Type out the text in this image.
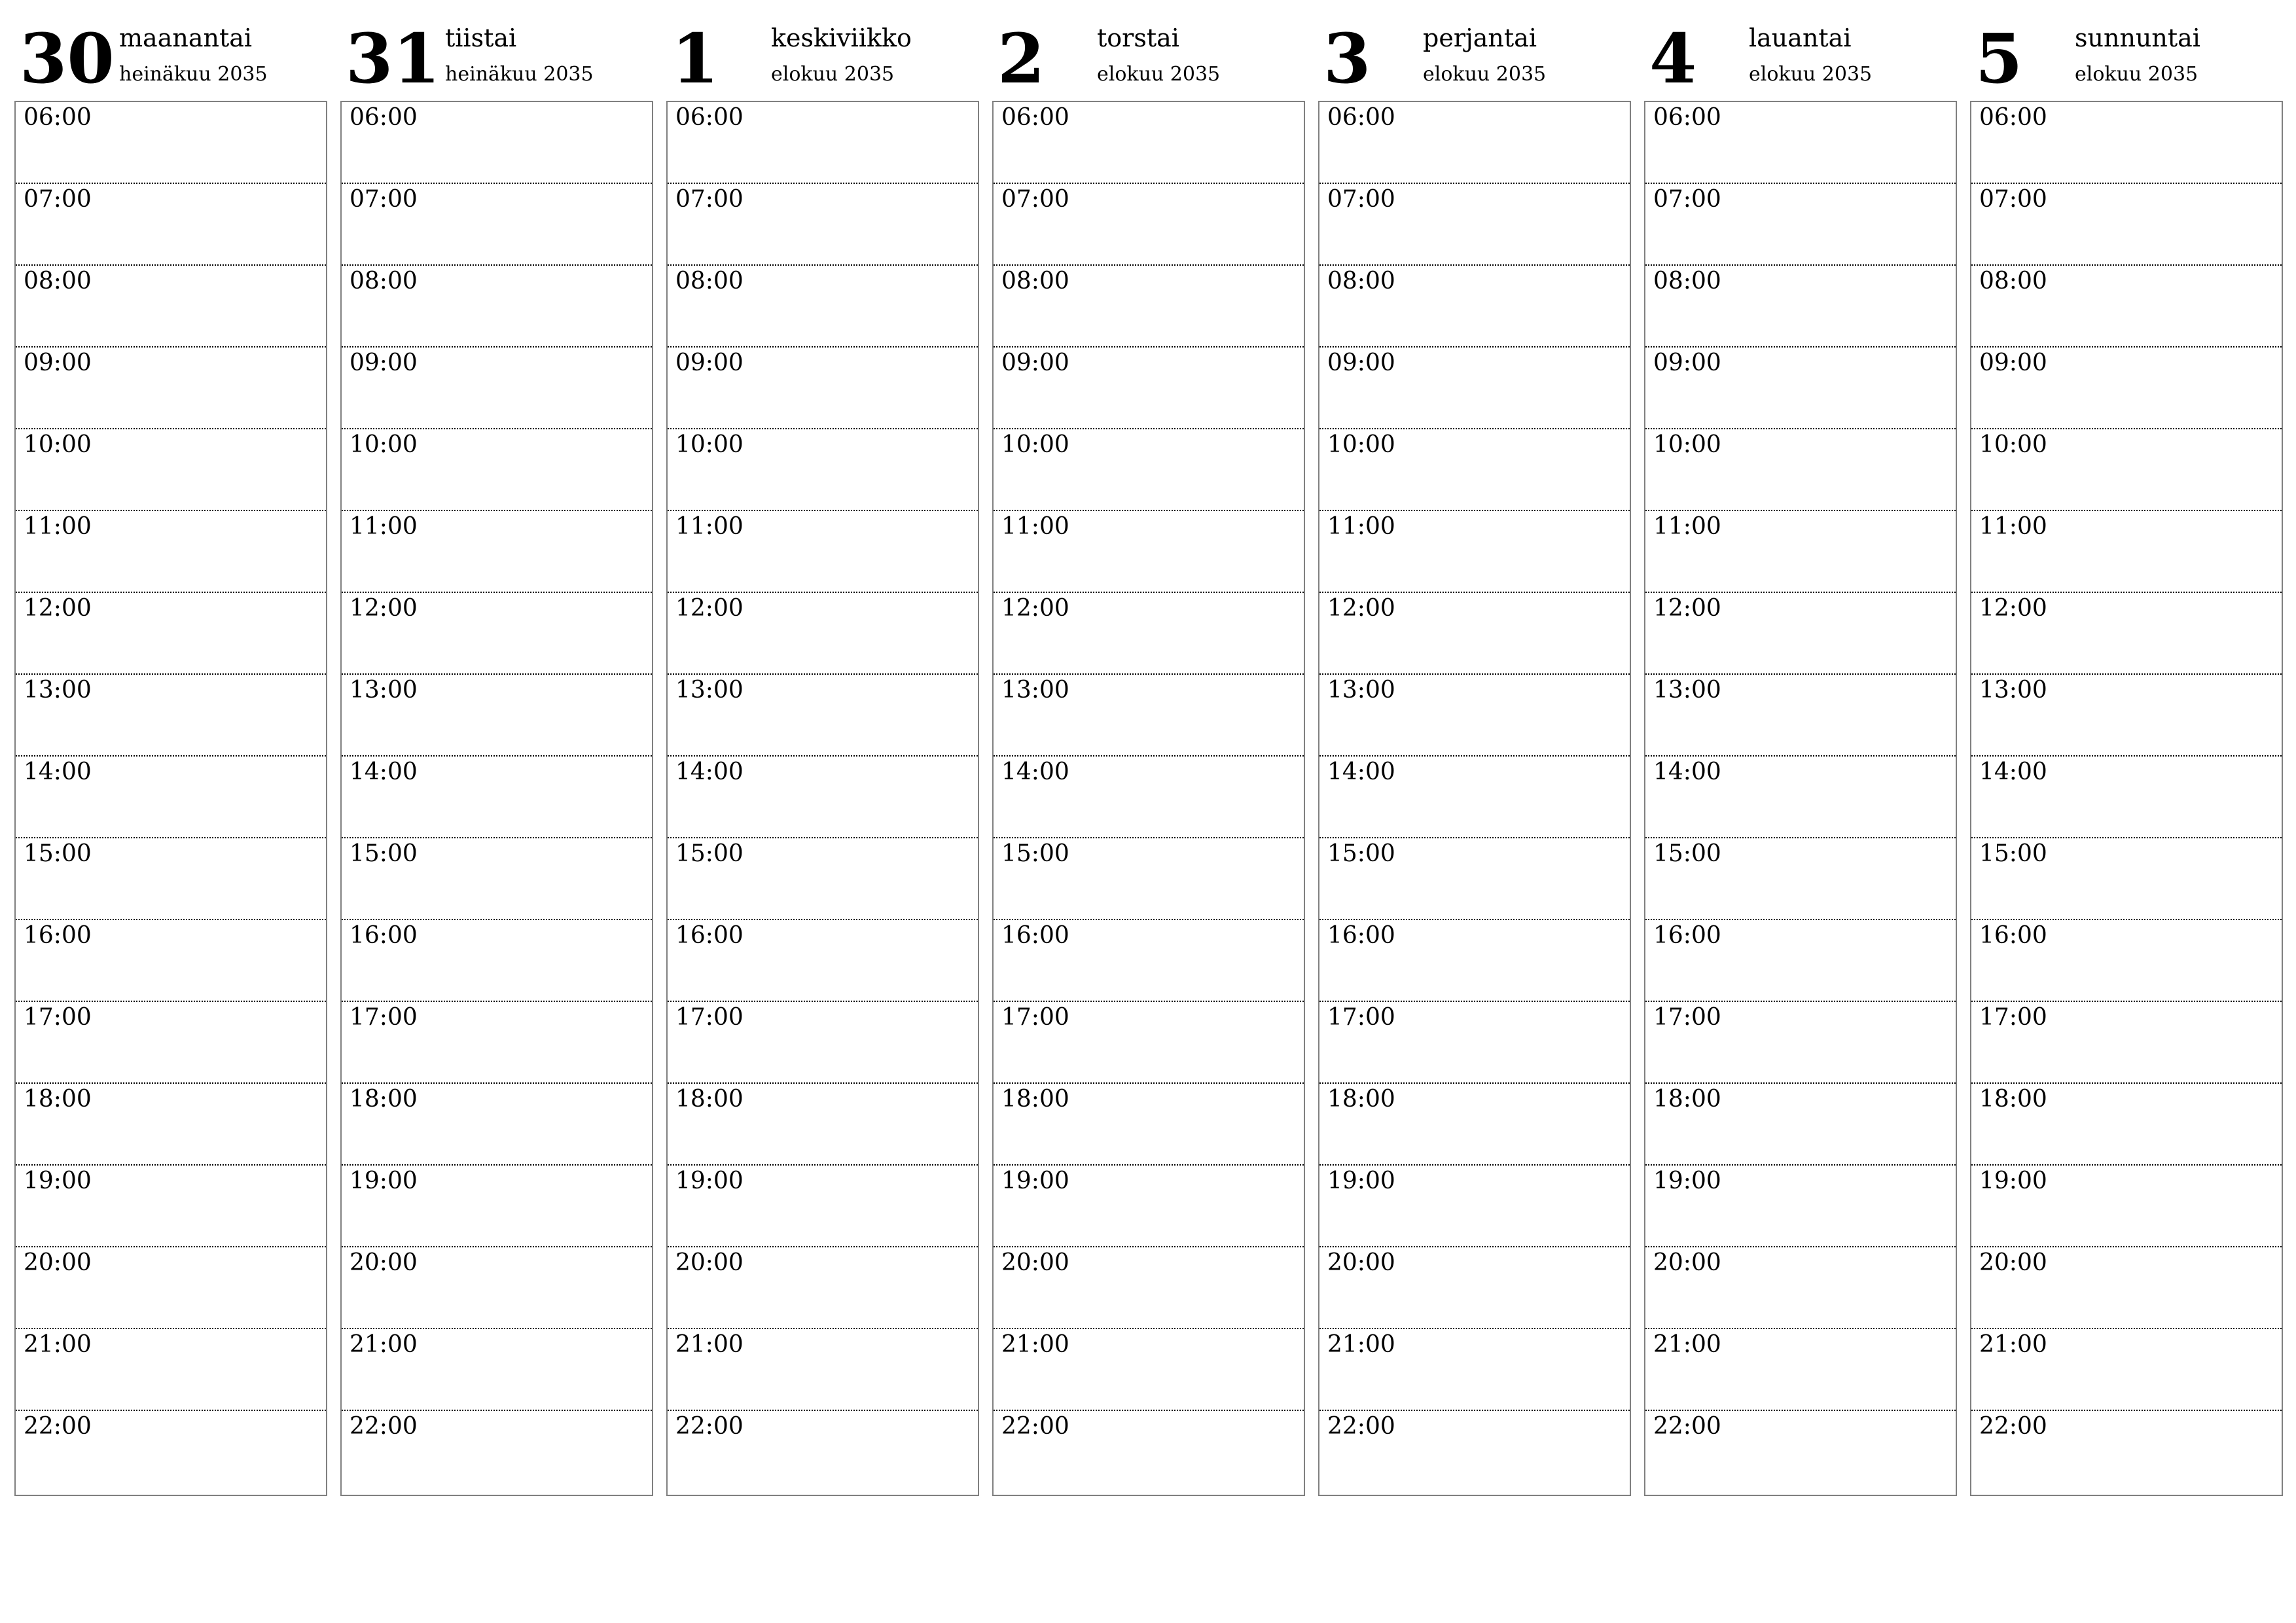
30 maanantai
heinäkuu 2035
06:00
07:00
08:00
09:00
10:00
11:00
12:00
13:00
14:00
15:00
16:00
17:00
18:00
19:00
20:00
21:00
22:00
31 tiistai
heinäkuu 2035
06:00
07:00
08:00
09:00
10:00
11:00
12:00
13:00
14:00
15:00
16:00
17:00
18:00
19:00
20:00
21:00
22:00
1 keskiviikko
elokuu 2035
06:00
07:00
08:00
09:00
10:00
11:00
12:00
13:00
14:00
15:00
16:00
17:00
18:00
19:00
20:00
21:00
22:00
2 torstai
elokuu 2035
06:00
07:00
08:00
09:00
10:00
11:00
12:00
13:00
14:00
15:00
16:00
17:00
18:00
19:00
20:00
21:00
22:00
3 perjantai
elokuu 2035
06:00
07:00
08:00
09:00
10:00
11:00
12:00
13:00
14:00
15:00
16:00
17:00
18:00
19:00
20:00
21:00
22:00
4 lauantai
elokuu 2035
06:00
07:00
08:00
09:00
10:00
11:00
12:00
13:00
14:00
15:00
16:00
17:00
18:00
19:00
20:00
21:00
22:00
5 sunnuntai
elokuu 2035
06:00
07:00
08:00
09:00
10:00
11:00
12:00
13:00
14:00
15:00
16:00
17:00
18:00
19:00
20:00
21:00
22:00
